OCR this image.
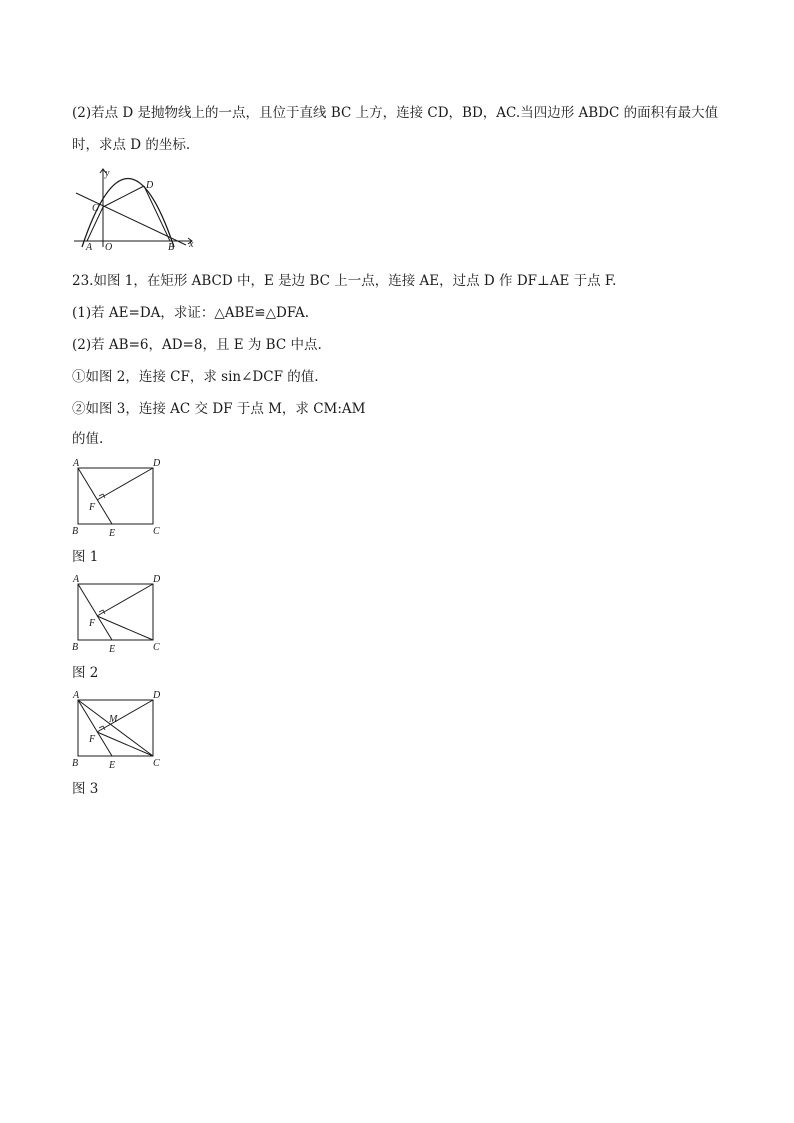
(2)若点 D 是抛物线上的一点，且位于直线 BC 上方，连接 CD，BD，AC.当四边形 ABDC 的面积有最大值
时，求点 D 的坐标.
y
x
O
A	B
C
D
23.如图 1，在矩形 ABCD 中，E 是边 BC 上一点，连接 AE，过点 D 作 DF⊥AE 于点 F.
(1)若 AE=DA，求证：△ABE≌△DFA.
(2)若 AB=6，AD=8，且 E 为 BC 中点.
①如图 2，连接 CF，求 sin∠DCF 的值.
②如图 3，连接 AC 交 DF 于点 M，求 CM:AM
的值.
A	D
B	C
E
F
图 1
A	D
B	C
E
F
图 2
A	D
B	C
E
F
M
图 3
